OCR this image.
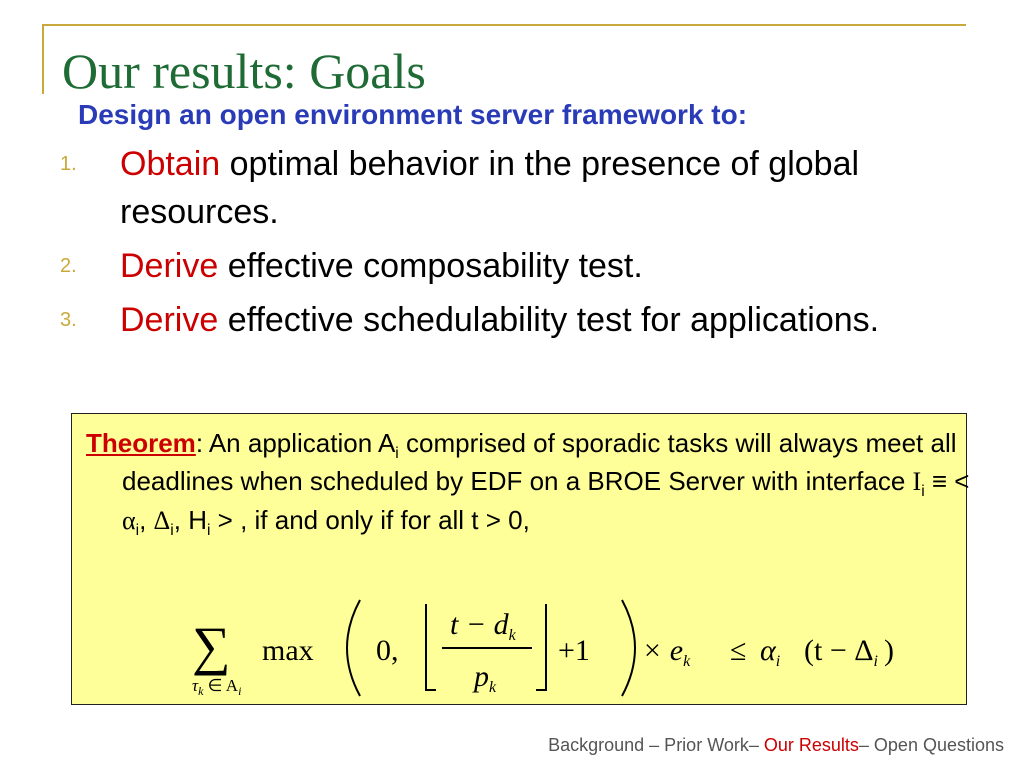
Our results: Goals
Design an open environment server framework to:
1. Obtain optimal behavior in the presence of global resources.
2. Derive effective composability test.
3. Derive effective schedulability test for applications.

Theorem: An application $A_i$ comprised of sporadic tasks will always meet all deadlines when scheduled by EDF on a BROE Server with interface $I_i$ ≡ < $\alpha_i$, $\Delta_i$, $H_i$ > , if and only if for all t > 0,

∑
$\tau_k$ ∈ $A_i$
max 0,
$t - d_k$
$p_k$
$+1 \times e_k \le \alpha_i$ ($t - \Delta_i$ )
Background – Prior Work– Our Results– Open Questions
